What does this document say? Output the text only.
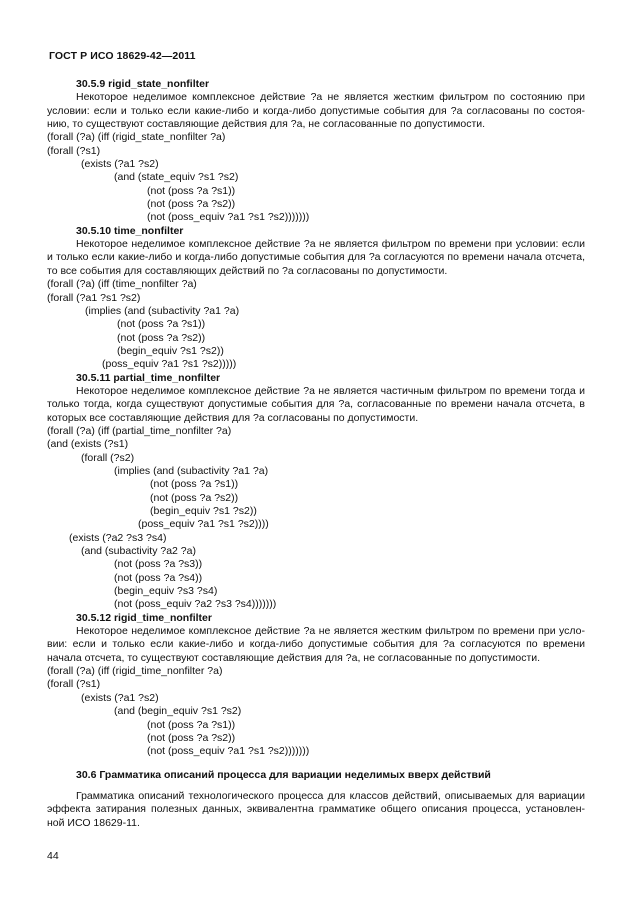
ГОСТ Р ИСО 18629-42—2011
30.5.9 rigid_state_nonfilter
Некоторое неделимое комплексное действие ?a не является жестким фильтром по состоянию при
условии: если и только если какие-либо и когда-либо допустимые события для ?a согласованы по состоя-
нию, то существуют составляющие действия для ?a, не согласованные по допустимости.
(forall (?a) (iff (rigid_state_nonfilter ?a)
(forall (?s1)
(exists (?a1 ?s2)
(and (state_equiv ?s1 ?s2)
(not (poss ?a ?s1))
(not (poss ?a ?s2))
(not (poss_equiv ?a1 ?s1 ?s2)))))))
30.5.10 time_nonfilter
Некоторое неделимое комплексное действие ?a не является фильтром по времени при условии: если
и только если какие-либо и когда-либо допустимые события для ?a согласуются по времени начала отсчета,
то все события для составляющих действий по ?a согласованы по допустимости.
(forall (?a) (iff (time_nonfilter ?a)
(forall (?a1 ?s1 ?s2)
(implies (and (subactivity ?a1 ?a)
(not (poss ?a ?s1))
(not (poss ?a ?s2))
(begin_equiv ?s1 ?s2))
(poss_equiv ?a1 ?s1 ?s2)))))
30.5.11 partial_time_nonfilter
Некоторое неделимое комплексное действие ?a не является частичным фильтром по времени тогда и
только тогда, когда существуют допустимые события для ?a, согласованные по времени начала отсчета, в
которых все составляющие действия для ?a согласованы по допустимости.
(forall (?a) (iff (partial_time_nonfilter ?a)
(and (exists (?s1)
(forall (?s2)
(implies (and (subactivity ?a1 ?a)
(not (poss ?a ?s1))
(not (poss ?a ?s2))
(begin_equiv ?s1 ?s2))
(poss_equiv ?a1 ?s1 ?s2))))
(exists (?a2 ?s3 ?s4)
(and (subactivity ?a2 ?a)
(not (poss ?a ?s3))
(not (poss ?a ?s4))
(begin_equiv ?s3 ?s4)
(not (poss_equiv ?a2 ?s3 ?s4)))))))
30.5.12 rigid_time_nonfilter
Некоторое неделимое комплексное действие ?a не является жестким фильтром по времени при усло-
вии: если и только если какие-либо и когда-либо допустимые события для ?a согласуются по времени
начала отсчета, то существуют составляющие действия для ?a, не согласованные по допустимости.
(forall (?a) (iff (rigid_time_nonfilter ?a)
(forall (?s1)
(exists (?a1 ?s2)
(and (begin_equiv ?s1 ?s2)
(not (poss ?a ?s1))
(not (poss ?a ?s2))
(not (poss_equiv ?a1 ?s1 ?s2)))))))
30.6 Грамматика описаний процесса для вариации неделимых вверх действий
Грамматика описаний технологического процесса для классов действий, описываемых для вариации
эффекта затирания полезных данных, эквивалентна грамматике общего описания процесса, установлен-
ной ИСО 18629-11.
44
